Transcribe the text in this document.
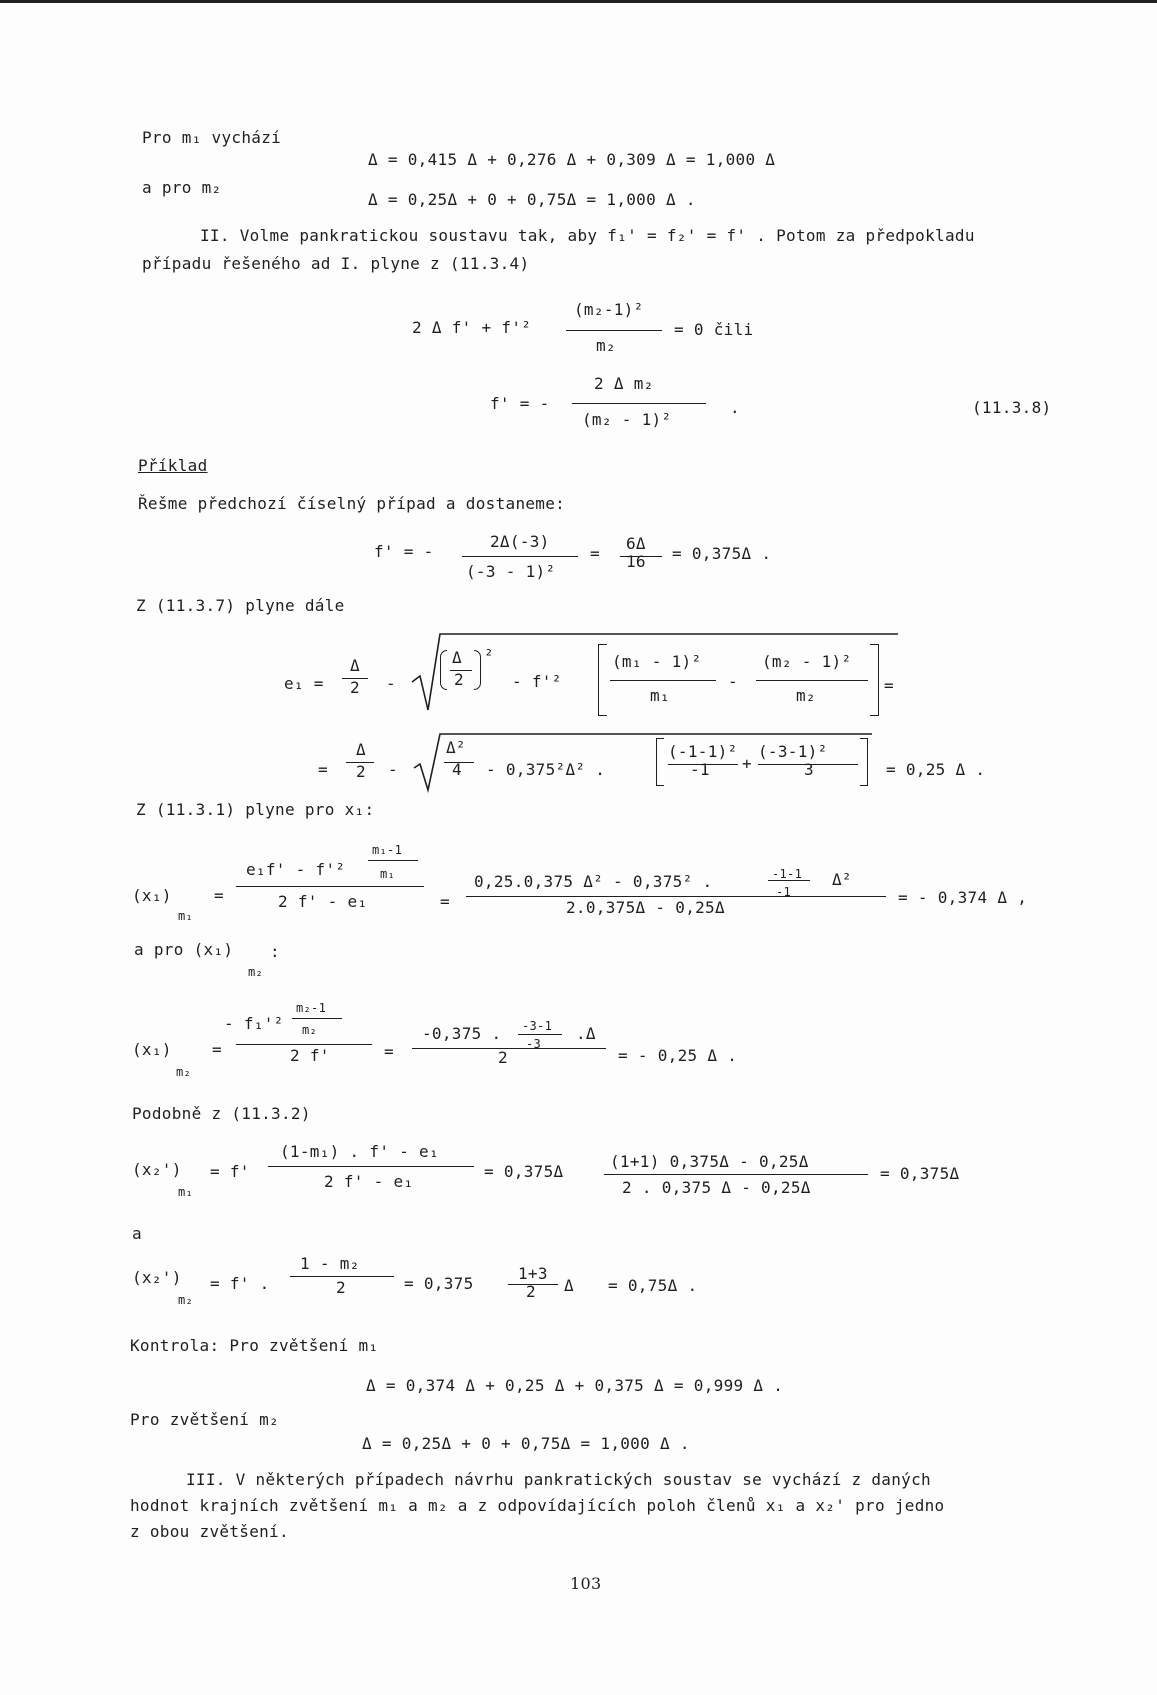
Pro m₁ vychází
Δ = 0,415 Δ + 0,276 Δ + 0,309 Δ = 1,000 Δ
a pro m₂
Δ = 0,25Δ + 0 + 0,75Δ = 1,000 Δ .
II. Volme pankratickou soustavu tak, aby f₁' = f₂' = f' . Potom za předpokladu
případu řešeného ad I. plyne z (11.3.4)
2 Δ f' + f'²
(m₂-1)²
m₂
= 0 čili
f' = -
2 Δ m₂
(m₂ - 1)²
.	(11.3.8)
Příklad
Řešme předchozí číselný případ a dostaneme:
f' = -
2Δ(-3)
(-3 - 1)²
=
6Δ
16 = 0,375Δ .
Z (11.3.7) plyne dále
e₁ =
Δ
2 -
Δ
2
²
- f'²
(m₁ - 1)²
m₁
-
(m₂ - 1)²
m₂
=
=
Δ
2 -
Δ²
4 - 0,375²Δ² .
(-1-1)²
-1 +
(-3-1)²
3	= 0,25 Δ .
Z (11.3.1) plyne pro x₁:
(x₁)
m₁
=
e₁f' - f'²
m₁-1
m₁
2 f' - e₁	=
0,25.0,375 Δ² - 0,375² .	-1-1
-1
Δ²
2.0,375Δ - 0,25Δ
= - 0,374 Δ ,
a pro (x₁)
m₂
:
(x₁)
m₂
=
- f₁'²
m₂-1
m₂
2 f'	=
-0,375 . -3-1
-3
.Δ
2	= - 0,25 Δ .
Podobně z (11.3.2)
(x₂')
m₁
= f'
(1-m₁) . f' - e₁
2 f' - e₁
= 0,375Δ
(1+1) 0,375Δ - 0,25Δ
2 . 0,375 Δ - 0,25Δ
= 0,375Δ
a
(x₂')
m₂
= f' .
1 - m₂
2	= 0,375
1+3
2 Δ = 0,75Δ .
Kontrola: Pro zvětšení m₁
Δ = 0,374 Δ + 0,25 Δ + 0,375 Δ = 0,999 Δ .
Pro zvětšení m₂
Δ = 0,25Δ + 0 + 0,75Δ = 1,000 Δ .
III. V některých případech návrhu pankratických soustav se vychází z daných
hodnot krajních zvětšení m₁ a m₂ a z odpovídajících poloh členů x₁ a x₂' pro jedno
z obou zvětšení.
103
